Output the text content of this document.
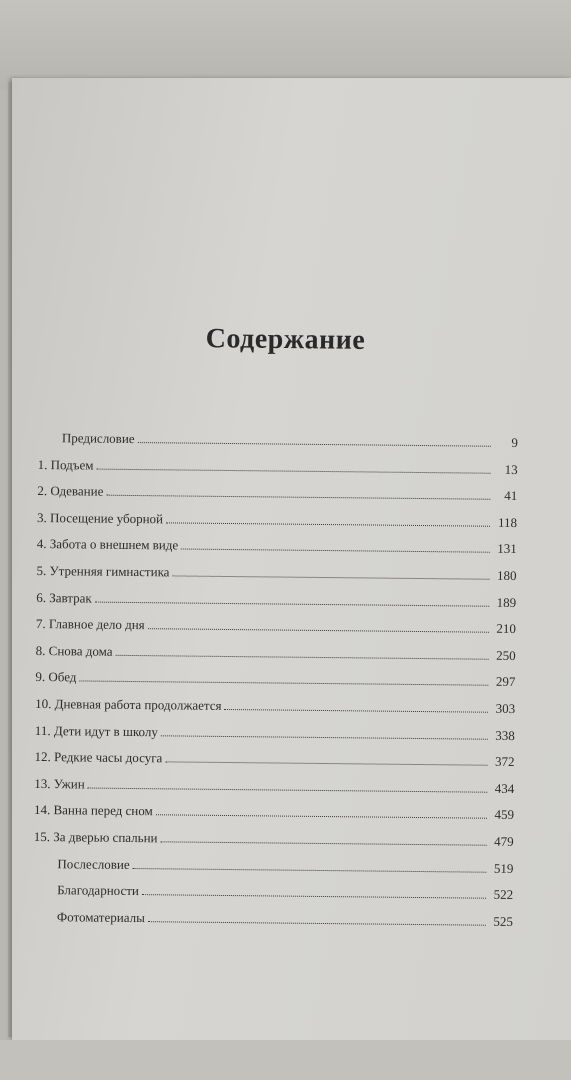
Содержание
Предисловие	9
1. Подъем	13
2. Одевание	41
3. Посещение уборной	118
4. Забота о внешнем виде	131
5. Утренняя гимнастика	180
6. Завтрак	189
7. Главное дело дня	210
8. Снова дома	250
9. Обед	297
10. Дневная работа продолжается	303
11. Дети идут в школу	338
12. Редкие часы досуга	372
13. Ужин	434
14. Ванна перед сном	459
15. За дверью спальни	479
Послесловие	519
Благодарности	522
Фотоматериалы	525
